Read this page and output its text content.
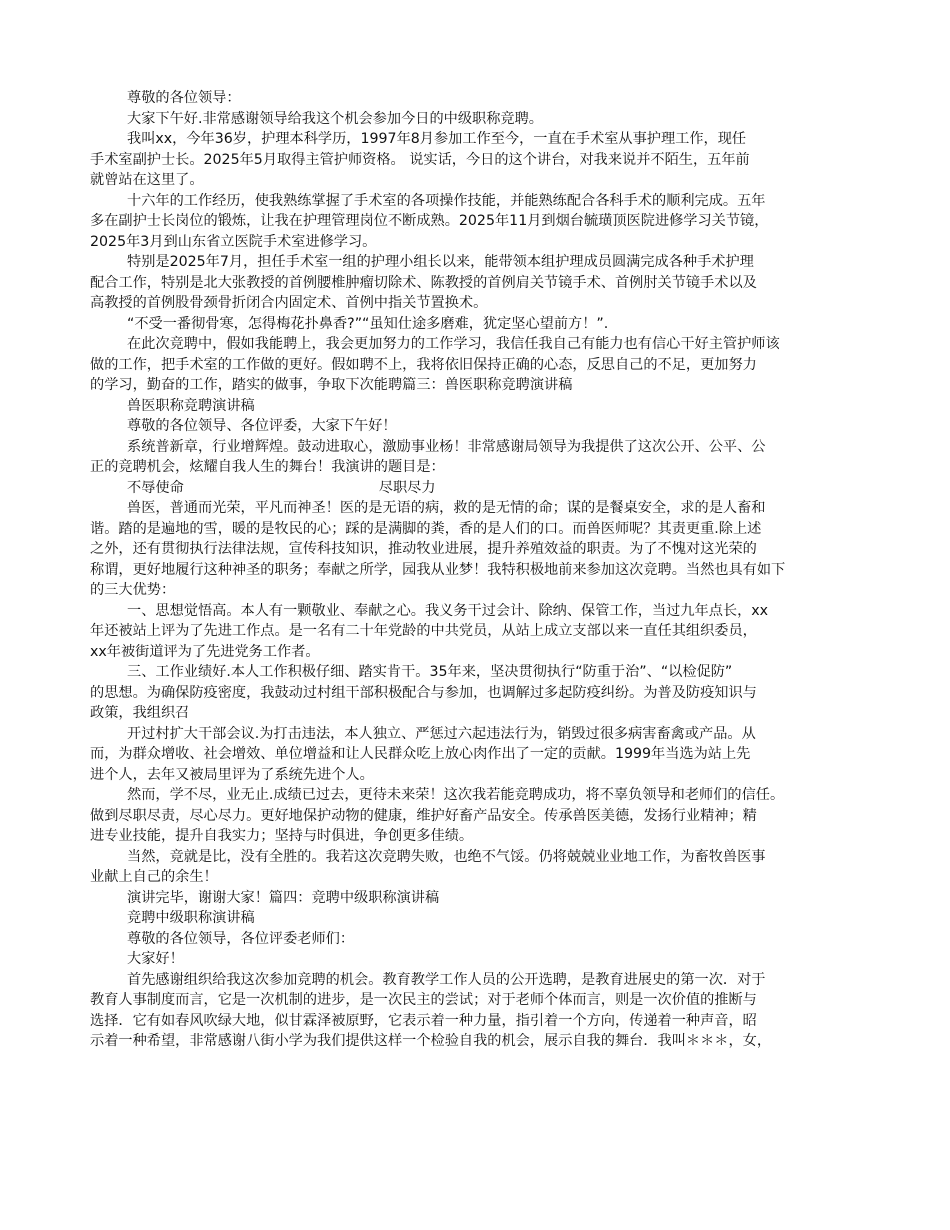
尊敬的各位领导：
大家下午好.非常感谢领导给我这个机会参加今日的中级职称竞聘。
我叫xx，今年36岁，护理本科学历，1997年8月参加工作至今，一直在手术室从事护理工作，现任
手术室副护士长。2025年5月取得主管护师资格。 说实话，今日的这个讲台，对我来说并不陌生，五年前
就曾站在这里了。
十六年的工作经历，使我熟练掌握了手术室的各项操作技能，并能熟练配合各科手术的顺利完成。五年
多在副护士长岗位的锻炼，让我在护理管理岗位不断成熟。2025年11月到烟台毓璜顶医院进修学习关节镜，
2025年3月到山东省立医院手术室进修学习。
特别是2025年7月，担任手术室一组的护理小组长以来，能带领本组护理成员圆满完成各种手术护理
配合工作，特别是北大张教授的首例腰椎肿瘤切除术、陈教授的首例肩关节镜手术、首例肘关节镜手术以及
高教授的首例股骨颈骨折闭合内固定术、首例中指关节置换术。
“不受一番彻骨寒，怎得梅花扑鼻香?”“虽知仕途多磨难，犹定坚心望前方！”.
在此次竞聘中，假如我能聘上，我会更加努力的工作学习，我信任我自己有能力也有信心干好主管护师该
做的工作，把手术室的工作做的更好。假如聘不上，我将依旧保持正确的心态，反思自己的不足，更加努力
的学习，勤奋的工作，踏实的做事，争取下次能聘篇三：兽医职称竞聘演讲稿
兽医职称竞聘演讲稿
尊敬的各位领导、各位评委，大家下午好！
系统普新章，行业增辉煌。鼓动进取心，激励事业杨！非常感谢局领导为我提供了这次公开、公平、公
正的竞聘机会，炫耀自我人生的舞台！我演讲的题目是：
不辱使命	尽职尽力
兽医，普通而光荣，平凡而神圣！医的是无语的病，救的是无情的命；谋的是餐桌安全，求的是人畜和
谐。踏的是遍地的雪，暖的是牧民的心；踩的是满脚的粪，香的是人们的口。而兽医师呢？其责更重.除上述
之外，还有贯彻执行法律法规，宣传科技知识，推动牧业进展，提升养殖效益的职责。为了不愧对这光荣的
称谓，更好地履行这种神圣的职务；奉献之所学，园我从业梦！我特积极地前来参加这次竞聘。当然也具有如下
的三大优势：
一、思想觉悟高。本人有一颗敬业、奉献之心。我义务干过会计、除纳、保管工作，当过九年点长，xx
年还被站上评为了先进工作点。是一名有二十年党龄的中共党员，从站上成立支部以来一直任其组织委员，
xx年被街道评为了先进党务工作者。
三、工作业绩好.本人工作积极仔细、踏实肯干。35年来，坚决贯彻执行“防重于治”、“以检促防”
的思想。为确保防疫密度，我鼓动过村组干部积极配合与参加，也调解过多起防疫纠纷。为普及防疫知识与
政策，我组织召
开过村扩大干部会议.为打击违法，本人独立、严惩过六起违法行为，销毁过很多病害畜禽或产品。从
而，为群众增收、社会增效、单位增益和让人民群众吃上放心肉作出了一定的贡献。1999年当选为站上先
进个人，去年又被局里评为了系统先进个人。
然而，学不尽，业无止.成绩已过去，更待未来荣！这次我若能竞聘成功，将不辜负领导和老师们的信任。
做到尽职尽责，尽心尽力。更好地保护动物的健康，维护好畜产品安全。传承兽医美德，发扬行业精神；精
进专业技能，提升自我实力；坚持与时俱进，争创更多佳绩。
当然，竞就是比，没有全胜的。我若这次竞聘失败，也绝不气馁。仍将兢兢业业地工作，为畜牧兽医事
业献上自己的余生！
演讲完毕，谢谢大家！篇四：竞聘中级职称演讲稿
竞聘中级职称演讲稿
尊敬的各位领导，各位评委老师们：
大家好！
首先感谢组织给我这次参加竞聘的机会。教育教学工作人员的公开选聘，是教育进展史的第一次．对于
教育人事制度而言，它是一次机制的进步，是一次民主的尝试；对于老师个体而言，则是一次价值的推断与
选择．它有如春风吹绿大地，似甘霖泽被原野，它表示着一种力量，指引着一个方向，传递着一种声音，昭
示着一种希望，非常感谢八街小学为我们提供这样一个检验自我的机会，展示自我的舞台．我叫＊＊＊，女，
